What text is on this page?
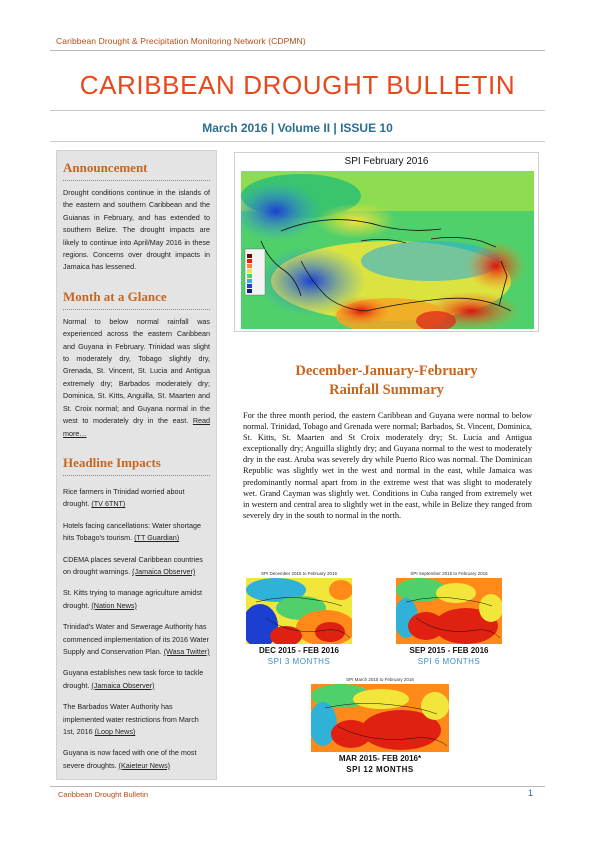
Caribbean Drought & Precipitation Monitoring Network (CDPMN)
CARIBBEAN DROUGHT BULLETIN
March 2016 | Volume II | ISSUE 10
Announcement
Drought conditions continue in the islands of the eastern and southern Caribbean and the Guianas in February, and has extended to southern Belize. The drought impacts are likely to continue into April/May 2016 in these regions. Concerns over drought impacts in Jamaica has lessened.
Month at a Glance
Normal to below normal rainfall was experienced across the eastern Caribbean and Guyana in February. Trinidad was slight to moderately dry, Tobago slightly dry, Grenada, St. Vincent, St. Lucia and Antigua extremely dry; Barbados moderately dry; Dominica, St. Kitts, Anguilla, St. Maarten and St. Croix normal; and Guyana normal in the west to moderately dry in the east. Read more…
Headline Impacts
Rice farmers in Trinidad worried about drought. (TV 6TNT)
Hotels facing cancellations: Water shortage hits Tobago's tourism. (TT Guardian)
CDEMA places several Caribbean countries on drought warnings. (Jamaica Observer)
St. Kitts trying to manage agriculture amidst drought. (Nation News)
Trinidad's Water and Sewerage Authority has commenced implementation of its 2016 Water Supply and Conservation Plan. (Wasa Twitter)
Guyana establishes new task force to tackle drought. (Jamaica Observer)
The Barbados Water Authority has implemented water restrictions from March 1st, 2016 (Loop News)
Guyana is now faced with one of the most severe droughts. (Kaieteur News)
SPI February 2016
December-January-February
Rainfall Summary
For the three month period, the eastern Caribbean and Guyana were normal to below normal. Trinidad, Tobago and Grenada were normal; Barbados, St. Vincent, Dominica, St. Kitts, St. Maarten and St Croix moderately dry; St. Lucia and Antigua exceptionally dry; Anguilla slightly dry; and Guyana normal to the west to moderately dry in the east. Aruba was severely dry while Puerto Rico was normal. The Dominican Republic was slightly wet in the west and normal in the east, while Jamaica was predominantly normal apart from in the extreme west that was slight to moderately wet. Grand Cayman was slightly wet. Conditions in Cuba ranged from extremely wet in western and central area to slightly wet in the east, while in Belize they ranged from severely dry in the south to normal in the north.
SPI December 2015 to February 2016
DEC 2015 - FEB 2016
SPI 3 MONTHS
SPI September 2015 to February 2016
SEP 2015 - FEB 2016
SPI 6 MONTHS
SPI March 2015 to February 2016
MAR 2015- FEB 2016*
SPI 12 MONTHS
Caribbean Drought Bulletin	1
